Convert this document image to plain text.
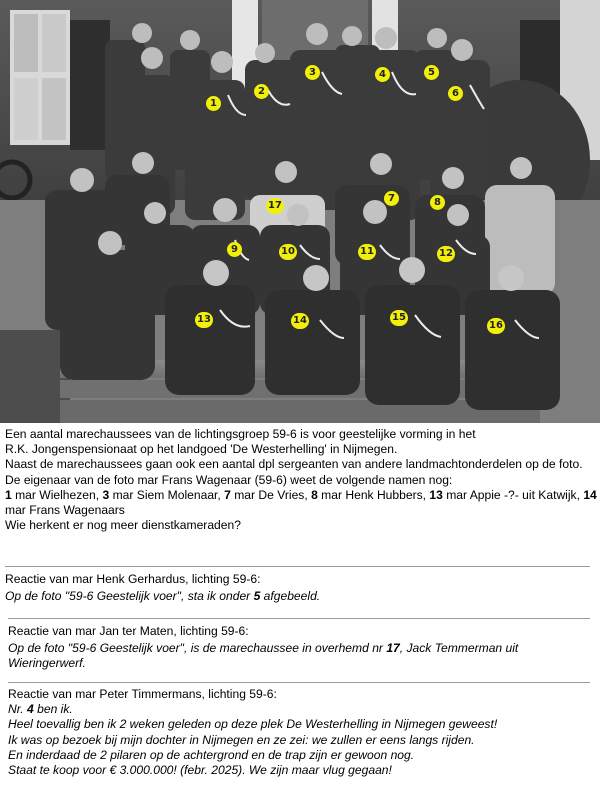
1
2
3	4	5
6
9
7	8
10	11	12
13	14	15
16
17

Een aantal marechaussees van de lichtingsgroep 59-6 is voor geestelijke vorming in het

R.K. Jongenspensionaat op het landgoed 'De Westerhelling' in Nijmegen.

Naast de marechaussees gaan ook een aantal dpl sergeanten van andere landmachtonderdelen op de foto.

De eigenaar van de foto mar Frans Wagenaar (59-6) weet de volgende namen nog:

1 mar Wielhezen, 3 mar Siem Molenaar, 7 mar De Vries, 8 mar Henk Hubbers, 13 mar Appie -?- uit Katwijk, 14 mar Frans Wagenaars

Wie herkent er nog meer dienstkameraden?

Reactie van mar Henk Gerhardus, lichting 59-6:

Op de foto "59-6 Geestelijk voer", sta ik onder 5 afgebeeld.

Reactie van mar Jan ter Maten, lichting 59-6:

Op de foto "59-6 Geestelijk voer", is de marechaussee in overhemd nr 17, Jack Temmerman uit Wieringerwerf.

Reactie van mar Peter Timmermans, lichting 59-6:

Nr. 4 ben ik.

Heel toevallig ben ik 2 weken geleden op deze plek De Westerhelling in Nijmegen geweest!

Ik was op bezoek bij mijn dochter in Nijmegen en ze zei: we zullen er eens langs rijden.

En inderdaad de 2 pilaren op de achtergrond en de trap zijn er gewoon nog.

Staat te koop voor € 3.000.000! (febr. 2025). We zijn maar vlug gegaan!
